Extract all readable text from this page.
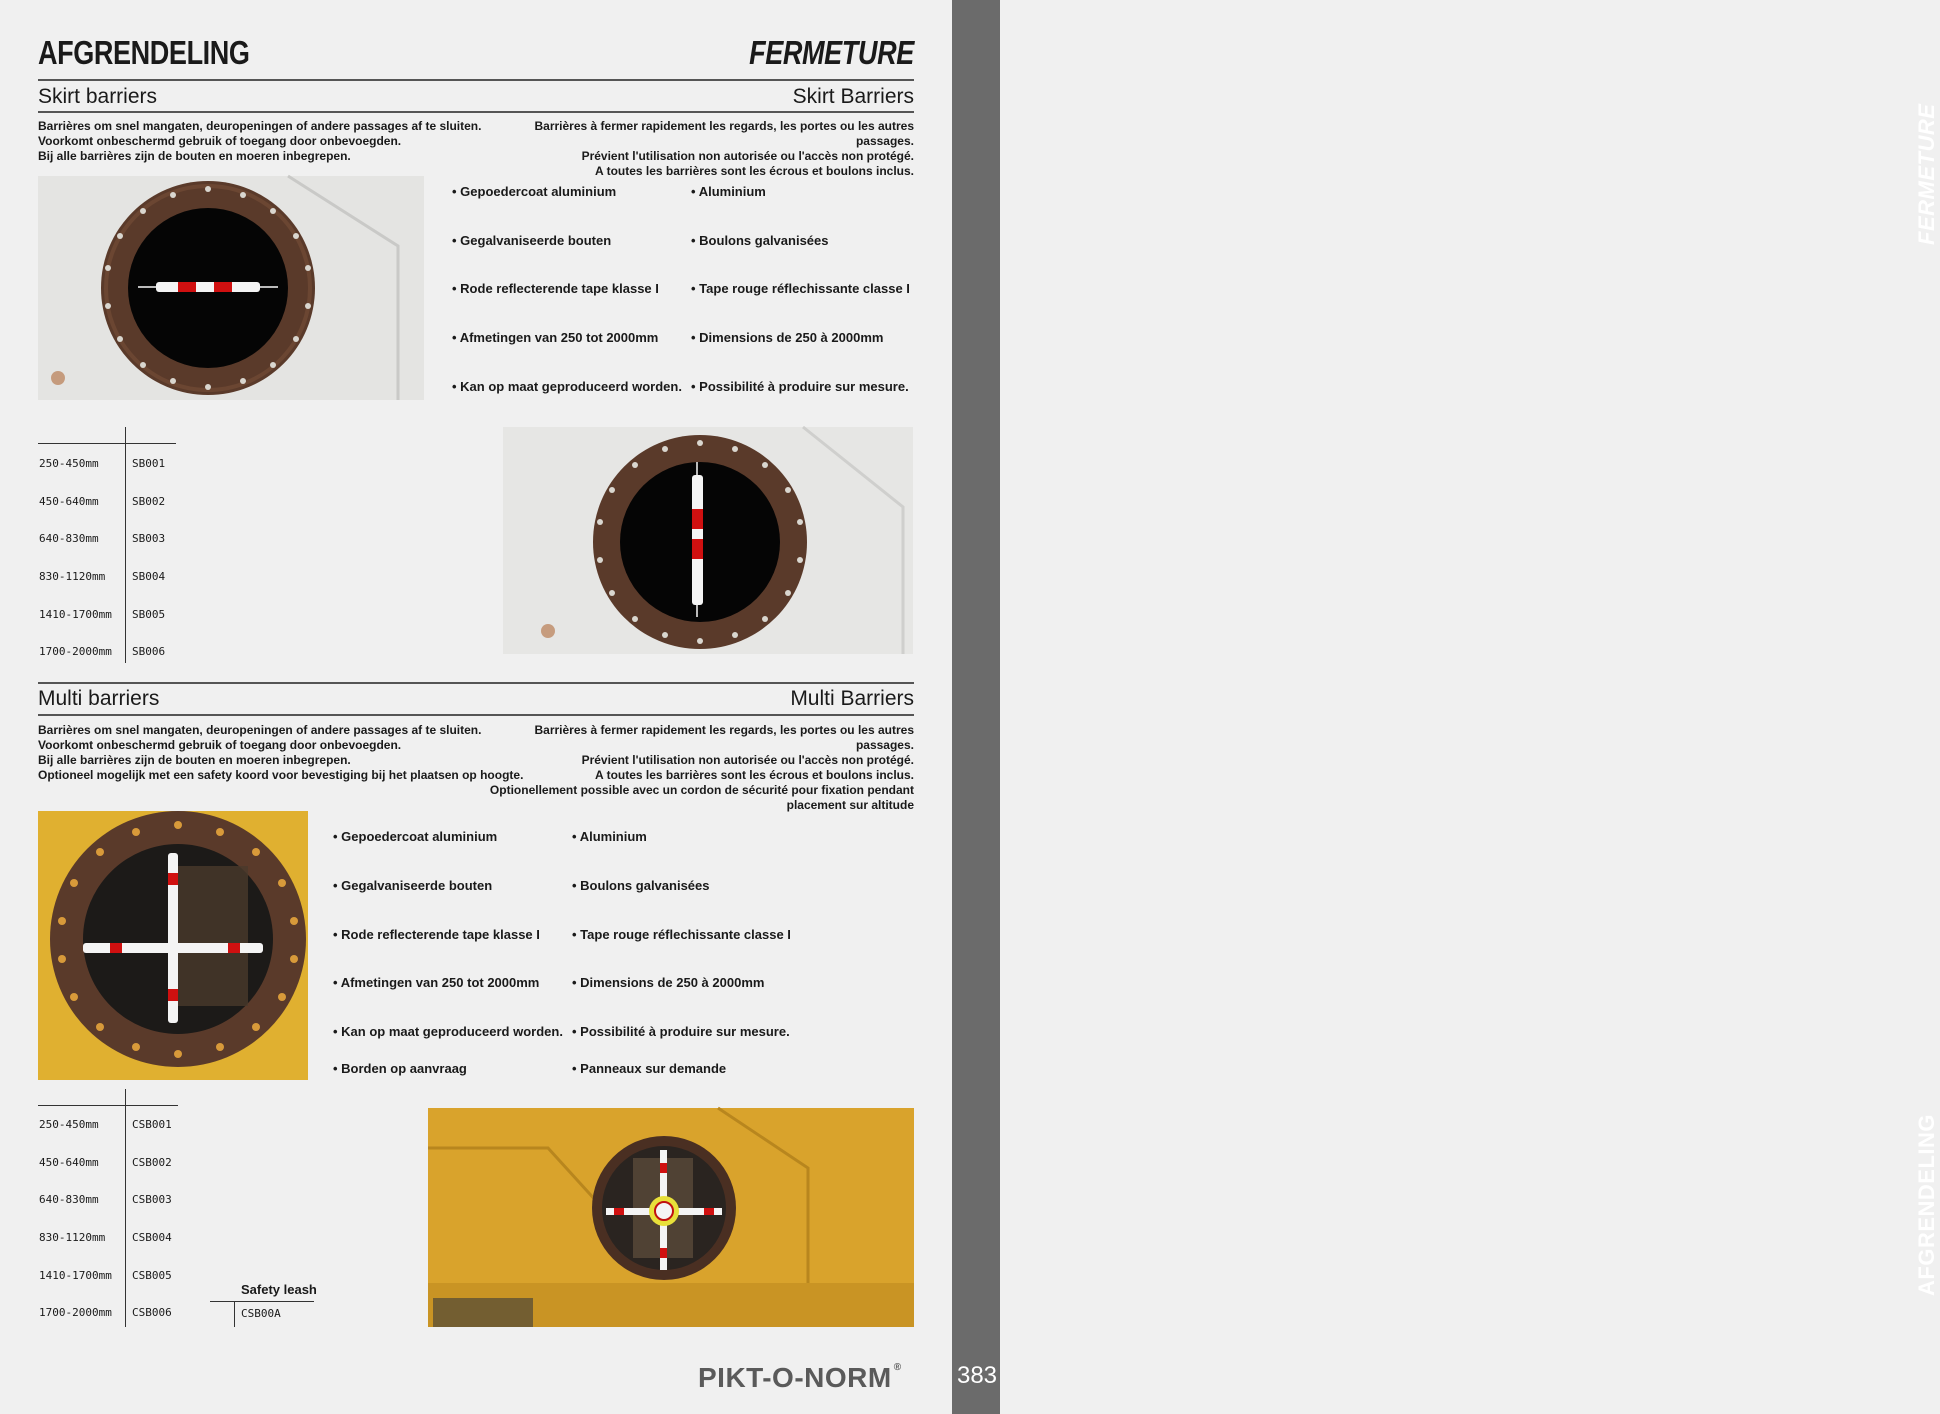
FERMETURE
AFGRENDELING
383
AFGRENDELING	FERMETURE
Skirt barriers	Skirt Barriers
Barrières om snel mangaten, deuropeningen of andere passages af te sluiten.
Voorkomt onbeschermd gebruik of toegang door onbevoegden.
Bij alle barrières zijn de bouten en moeren inbegrepen.
Barrières à fermer rapidement les regards, les portes ou les autres passages.
Prévient l'utilisation non autorisée ou l'accès non protégé.
A toutes les barrières sont les écrous et boulons inclus.
• Gepoedercoat aluminium
• Gegalvaniseerde bouten
• Rode reflecterende tape klasse I
• Afmetingen van 250 tot 2000mm
• Kan op maat geproduceerd worden.
• Aluminium
• Boulons galvanisées
• Tape rouge réflechissante classe I
• Dimensions de 250 à 2000mm
• Possibilité à produire sur mesure.
250-450mm	SB001
450-640mm	SB002
640-830mm	SB003
830-1120mm SB004
1410-1700mm SB005
1700-2000mm SB006
Multi barriers	Multi Barriers
Barrières om snel mangaten, deuropeningen of andere passages af te sluiten.
Voorkomt onbeschermd gebruik of toegang door onbevoegden.
Bij alle barrières zijn de bouten en moeren inbegrepen.
Optioneel mogelijk met een safety koord voor bevestiging bij het plaatsen op hoogte.
Barrières à fermer rapidement les regards, les portes ou les autres passages.
Prévient l'utilisation non autorisée ou l'accès non protégé.
A toutes les barrières sont les écrous et boulons inclus.
Optionellement possible avec un cordon de sécurité pour fixation pendant placement sur altitude
• Gepoedercoat aluminium
• Gegalvaniseerde bouten
• Rode reflecterende tape klasse I
• Afmetingen van 250 tot 2000mm
• Kan op maat geproduceerd worden.
• Borden op aanvraag
• Aluminium
• Boulons galvanisées
• Tape rouge réflechissante classe I
• Dimensions de 250 à 2000mm
• Possibilité à produire sur mesure.
• Panneaux sur demande
250-450mm	CSB001
450-640mm	CSB002
640-830mm	CSB003
830-1120mm CSB004
1410-1700mm CSB005
1700-2000mm CSB006
Safety leash
CSB00A
PIKT-O-NORM ®
